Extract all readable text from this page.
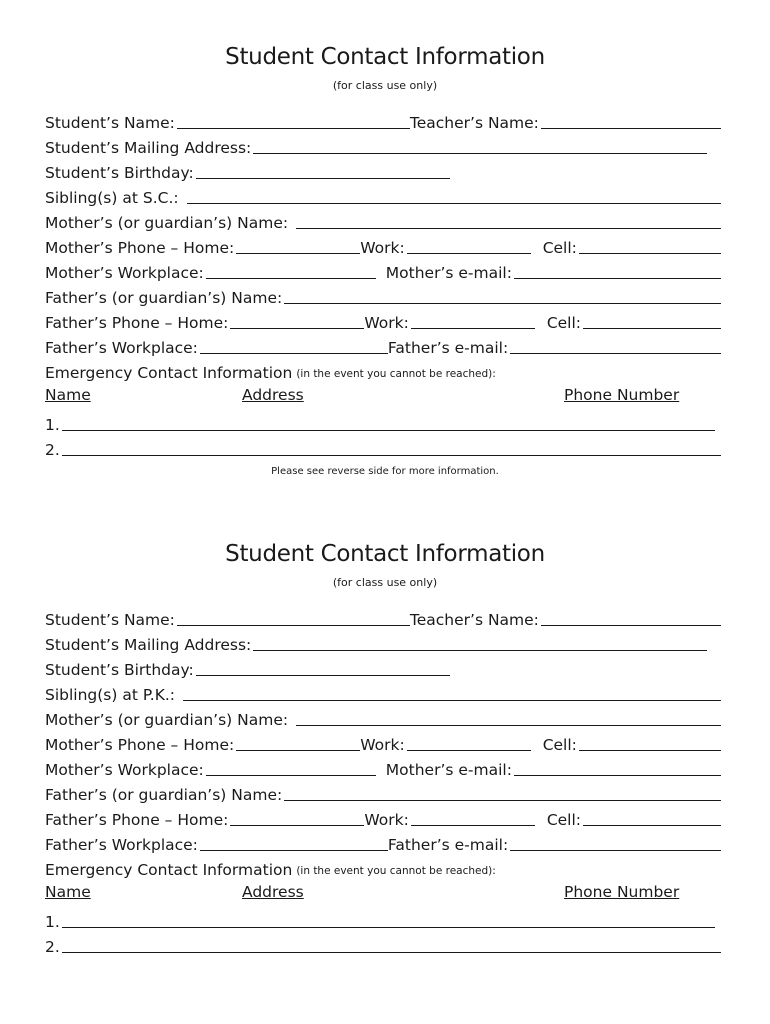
Student Contact Information
(for class use only)
Student’s Name:	Teacher’s Name:
Student’s Mailing Address:
Student’s Birthday:
Sibling(s) at S.C.:
Mother’s (or guardian’s) Name:
Mother’s Phone – Home:	Work:	Cell:
Mother’s Workplace:	Mother’s e-mail:
Father’s (or guardian’s) Name:
Father’s Phone – Home:	Work:	Cell:
Father’s Workplace:	Father’s e-mail:
Emergency Contact Information (in the event you cannot be reached):
Name	Address	Phone Number
1.
2.
Please see reverse side for more information.
Student Contact Information
(for class use only)
Student’s Name:	Teacher’s Name:
Student’s Mailing Address:
Student’s Birthday:
Sibling(s) at P.K.:
Mother’s (or guardian’s) Name:
Mother’s Phone – Home:	Work:	Cell:
Mother’s Workplace:	Mother’s e-mail:
Father’s (or guardian’s) Name:
Father’s Phone – Home:	Work:	Cell:
Father’s Workplace:	Father’s e-mail:
Emergency Contact Information (in the event you cannot be reached):
Name	Address	Phone Number
1.
2.
